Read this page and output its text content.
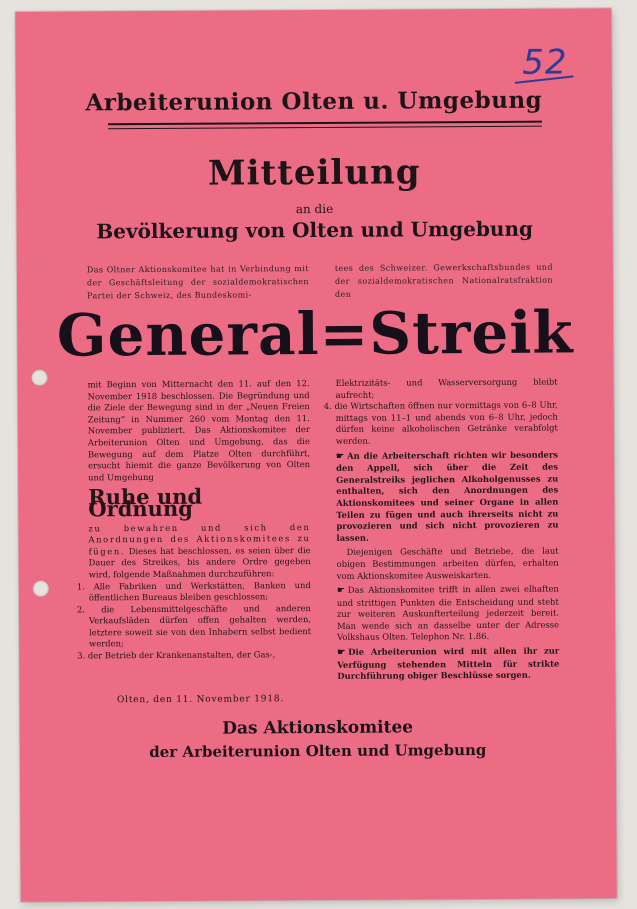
52
Arbeiterunion Olten u. Umgebung
Mitteilung
an die
Bevölkerung von Olten und Umgebung
Das Oltner Aktionskomitee hat in Verbindung mit der Geschäftsleitung der sozialdemokratischen Partei der Schweiz, des Bundeskomi-
tees des Schweizer. Gewerkschaftsbundes und der sozialdemokratischen Nationalratsfraktion den
General=Streik

mit Beginn von Mitternacht den 11. auf den 12. November 1918 beschlossen. Die Begründung und die Ziele der Bewegung sind in der „Neuen Freien Zeitung“ in Nummer 260 vom Montag den 11. November publiziert. Das Aktionskomitee der Arbeiterunion Olten und Umgebung, das die Bewegung auf dem Platze Olten durchführt, ersucht hiemit die ganze Bevölkerung von Olten und Umgebung

Ruhe und Ordnung

zu bewahren und sich den Anordnungen des Aktionskomitees zu fügen. Dieses hat beschlossen, es seien über die Dauer des Streikes, bis andere Ordre gegeben wird, folgende Maßnahmen durchzuführen:

1. Alle Fabriken und Werkstätten, Banken und öffentlichen Bureaus bleiben geschlossen;

2. die Lebensmittelgeschäfte und anderen Verkaufsläden dürfen offen gehalten werden, letztere soweit sie von den Inhabern selbst bedient werden;

3. der Betrieb der Krankenanstalten, der Gas-,

Olten, den 11. November 1918.

Elektrizitäts- und Wasserversorgung bleibt aufrecht;

4. die Wirtschaften öffnen nur vormittags von 6–8 Uhr, mittags von 11–1 und abends von 6–8 Uhr, jedoch dürfen keine alkoholischen Getränke verabfolgt werden.

☛ An die Arbeiterschaft richten wir besonders den Appell, sich über die Zeit des Generalstreiks jeglichen Alkoholgenusses zu enthalten, sich den Anordnungen des Aktionskomitees und seiner Organe in allen Teilen zu fügen und auch ihrerseits nicht zu provozieren und sich nicht provozieren zu lassen.

Diejenigen Geschäfte und Betriebe, die laut obigen Bestimmungen arbeiten dürfen, erhalten vom Aktionskomitee Ausweiskarten.

☛ Das Aktionskomitee trifft in allen zwei elhaften und strittigen Punkten die Entscheidung und steht zur weiteren Auskunfterteilung jederzeit bereit. Man wende sich an dasselbe unter der Adresse Volkshaus Olten. Telephon Nr. 1.86.

☛ Die Arbeiterunion wird mit allen ihr zur Verfügung stehenden Mitteln für strikte Durchführung obiger Beschlüsse sorgen.

Das Aktionskomitee
der Arbeiterunion Olten und Umgebung
